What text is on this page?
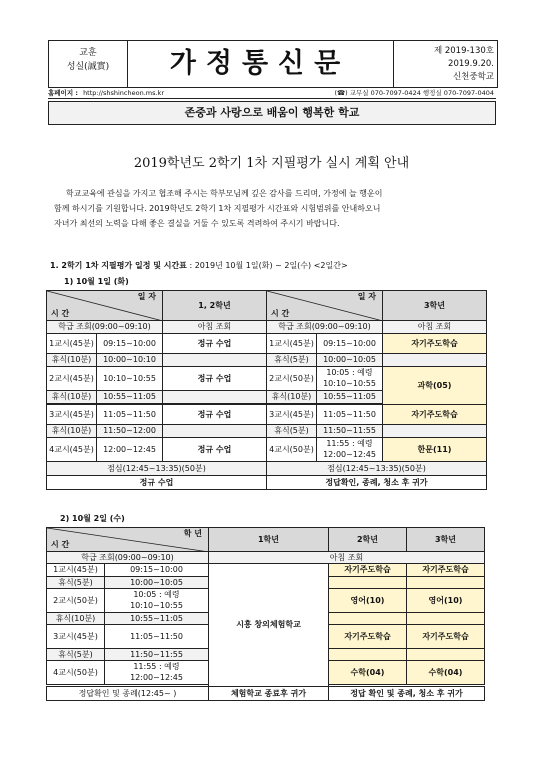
교훈
성실(誠實)	가정통신문	제 2019-130호
2019.9.20.
신천중학교
홈페이지 : http://shshincheon.ms.kr	(☎) 교무실 070-7097-0424 행정실 070-7097-0404
존중과 사랑으로 배움이 행복한 학교
2019학년도 2학기 1차 지필평가 실시 계획 안내
학교교육에 관심을 가지고 협조해 주시는 학부모님께 깊은 감사를 드리며, 가정에 늘 행운이
함께 하시기를 기원합니다. 2019학년도 2학기 1차 지필평가 시간표와 시험범위를 안내하오니
자녀가 최선의 노력을 다해 좋은 결실을 거둘 수 있도록 격려하여 주시기 바랍니다.
1. 2학기 1차 지필평가 일정 및 시간표 : 2019년 10월 1일(화) ~ 2일(수) <2일간>
1) 10월 1일 (화)
일 자
시 간		1, 2학년	일 자
시 간		3학년
학급 조회(09:00~09:10)		아침 조회	학급 조회(09:00~09:10)		아침 조회
1교시(45분)	09:15~10:00	정규 수업	1교시(45분)	09:15~10:00	자기주도학습
휴식(10분)	10:00~10:10		휴식(5분)	10:00~10:05	
2교시(45분)	10:10~10:55	정규 수업	2교시(50분)	10:05 : 예령	과학(05)
				10:10~10:55	
휴식(10분)	10:55~11:05		휴식(10분)	10:55~11:05	

3교시(45분)	11:05~11:50	정규 수업	3교시(45분)	11:05~11:50	자기주도학습
휴식(10분)	11:50~12:00		휴식(5분)	11:50~11:55	
4교시(45분)	12:00~12:45	정규 수업	4교시(50분)	11:55 : 예령	한문(11)
				12:00~12:45	
점심(12:45~13:35)(50분)			점심(12:45~13:35)(50분)		
정규 수업			정답확인, 종례, 청소 후 귀가		
2) 10월 2일 (수)
학 년
시 간		1학년	2학년	3학년
학급 조회(09:00~09:10)		아침 조회		
1교시(45분)	09:15~10:00	시흥 창의체험학교	자기주도학습	자기주도학습
휴식(5분)	10:00~10:05			
2교시(50분)	10:05 : 예령		영어(10)	영어(10)
	10:10~10:55			
휴식(10분)	10:55~11:05			
3교시(45분)	11:05~11:50		자기주도학습	자기주도학습
휴식(5분)	11:50~11:55			
4교시(50분)	11:55 : 예령		수학(04)	수학(04)
	12:00~12:45			

정답확인 및 종례(12:45~ )		체험학교 종료후 귀가	정답 확인 및 종례, 청소 후 귀가	
